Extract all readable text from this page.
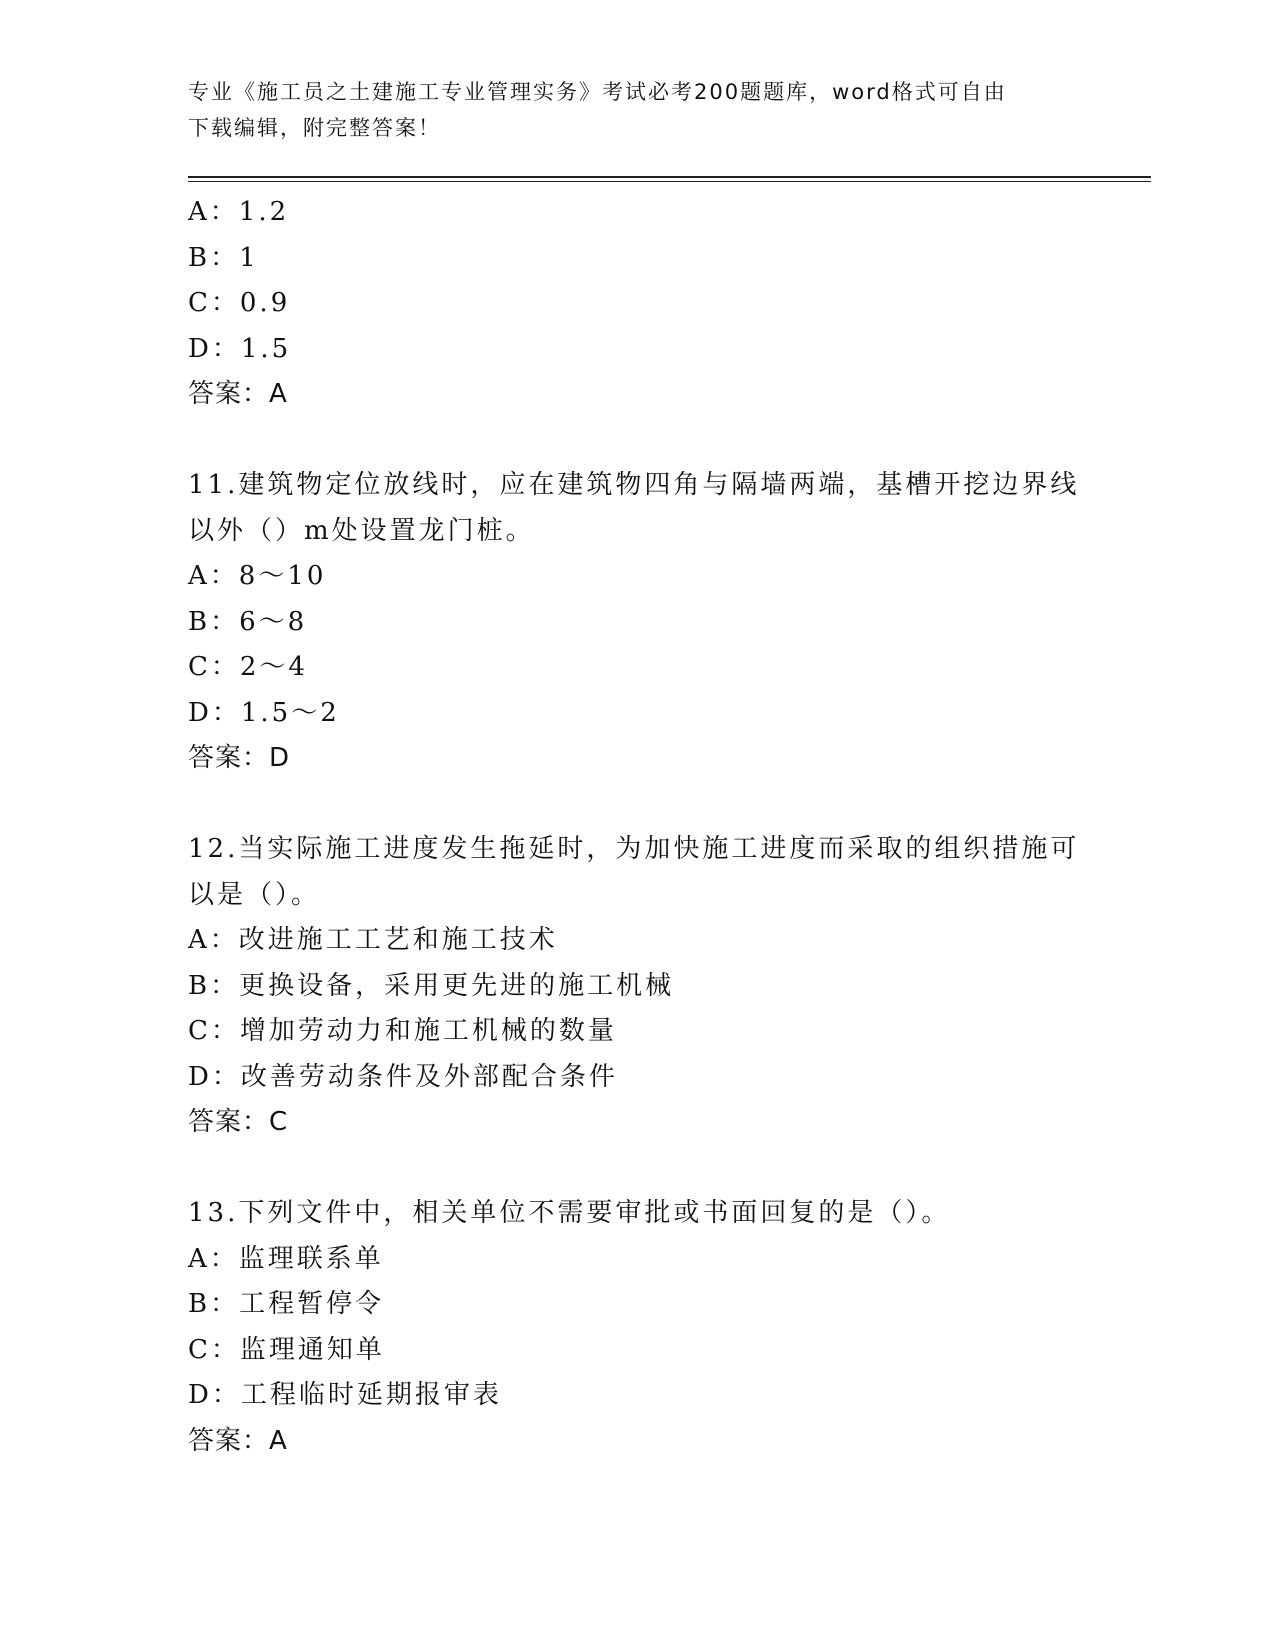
专业《施工员之土建施工专业管理实务》考试必考200题题库，word格式可自由
下载编辑，附完整答案！
A：1.2
B：1
C：0.9
D：1.5
答案：A
11.建筑物定位放线时，应在建筑物四角与隔墙两端，基槽开挖边界线
以外（）m处设置龙门桩。
A：8～10
B：6～8
C：2～4
D：1.5～2
答案：D
12.当实际施工进度发生拖延时，为加快施工进度而采取的组织措施可
以是（）。
A：改进施工工艺和施工技术
B：更换设备，采用更先进的施工机械
C：增加劳动力和施工机械的数量
D：改善劳动条件及外部配合条件
答案：C
13.下列文件中，相关单位不需要审批或书面回复的是（）。
A：监理联系单
B：工程暂停令
C：监理通知单
D：工程临时延期报审表
答案：A
